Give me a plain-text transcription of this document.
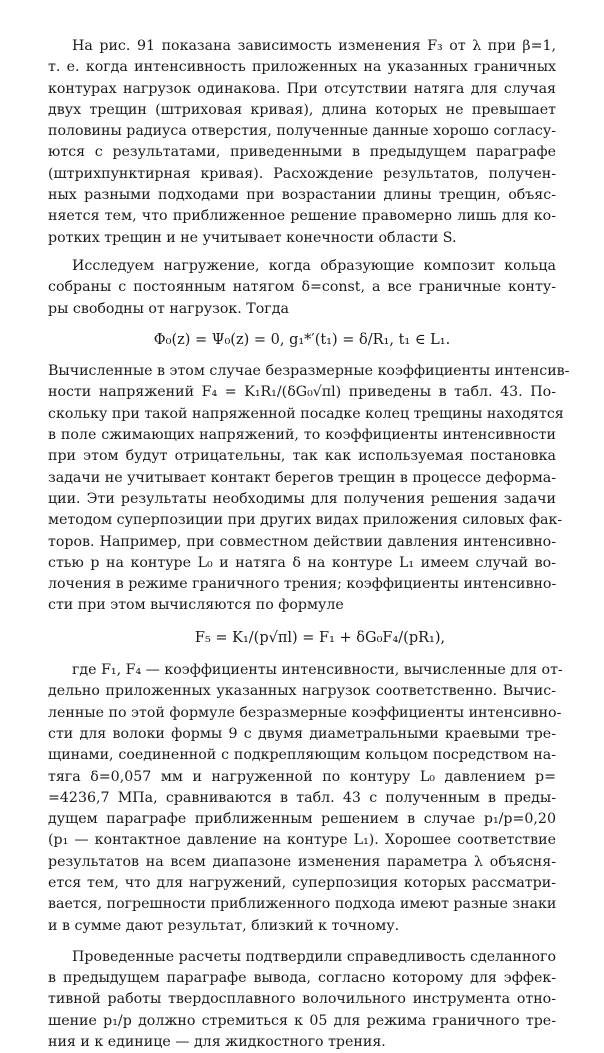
На рис. 91 показана зависимость изменения F₃ от λ при β=1,
т. е. когда интенсивность приложенных на указанных граничных
контурах нагрузок одинакова. При отсутствии натяга для случая
двух трещин (штриховая кривая), длина которых не превышает
половины радиуса отверстия, полученные данные хорошо согласу-
ются с результатами, приведенными в предыдущем параграфе
(штрихпунктирная кривая). Расхождение результатов, получен-
ных разными подходами при возрастании длины трещин, объяс-
няется тем, что приближенное решение правомерно лишь для ко-
ротких трещин и не учитывает конечности области S.
Исследуем нагружение, когда образующие композит кольца
собраны с постоянным натягом δ=const, а все граничные конту-
ры свободны от нагрузок. Тогда
Φ₀(z) = Ψ₀(z) = 0, g₁*′(t₁) = δ/R₁, t₁ ∈ L₁.
Вычисленные в этом случае безразмерные коэффициенты интенсив-
ности напряжений F₄ = K₁R₁/(δG₀√πl) приведены в табл. 43. По-
скольку при такой напряженной посадке колец трещины находятся
в поле сжимающих напряжений, то коэффициенты интенсивности
при этом будут отрицательны, так как используемая постановка
задачи не учитывает контакт берегов трещин в процессе деформа-
ции. Эти результаты необходимы для получения решения задачи
методом суперпозиции при других видах приложения силовых фак-
торов. Например, при совместном действии давления интенсивно-
стью p на контуре L₀ и натяга δ на контуре L₁ имеем случай во-
лочения в режиме граничного трения; коэффициенты интенсивно-
сти при этом вычисляются по формуле
F₅ = K₁/(p√πl) = F₁ + δG₀F₄/(pR₁),
где F₁, F₄ — коэффициенты интенсивности, вычисленные для от-
дельно приложенных указанных нагрузок соответственно. Вычис-
ленные по этой формуле безразмерные коэффициенты интенсивно-
сти для волоки формы 9 с двумя диаметральными краевыми тре-
щинами, соединенной с подкрепляющим кольцом посредством на-
тяга δ=0,057 мм и нагруженной по контуру L₀ давлением p=
=4236,7 МПа, сравниваются в табл. 43 с полученным в преды-
дущем параграфе приближенным решением в случае p₁/p=0,20
(p₁ — контактное давление на контуре L₁). Хорошее соответствие
результатов на всем диапазоне изменения параметра λ объясня-
ется тем, что для нагружений, суперпозиция которых рассматри-
вается, погрешности приближенного подхода имеют разные знаки
и в сумме дают результат, близкий к точному.
Проведенные расчеты подтвердили справедливость сделанного
в предыдущем параграфе вывода, согласно которому для эффек-
тивной работы твердосплавного волочильного инструмента отно-
шение p₁/p должно стремиться к 05 для режима граничного тре-
ния и к единице — для жидкостного трения.
